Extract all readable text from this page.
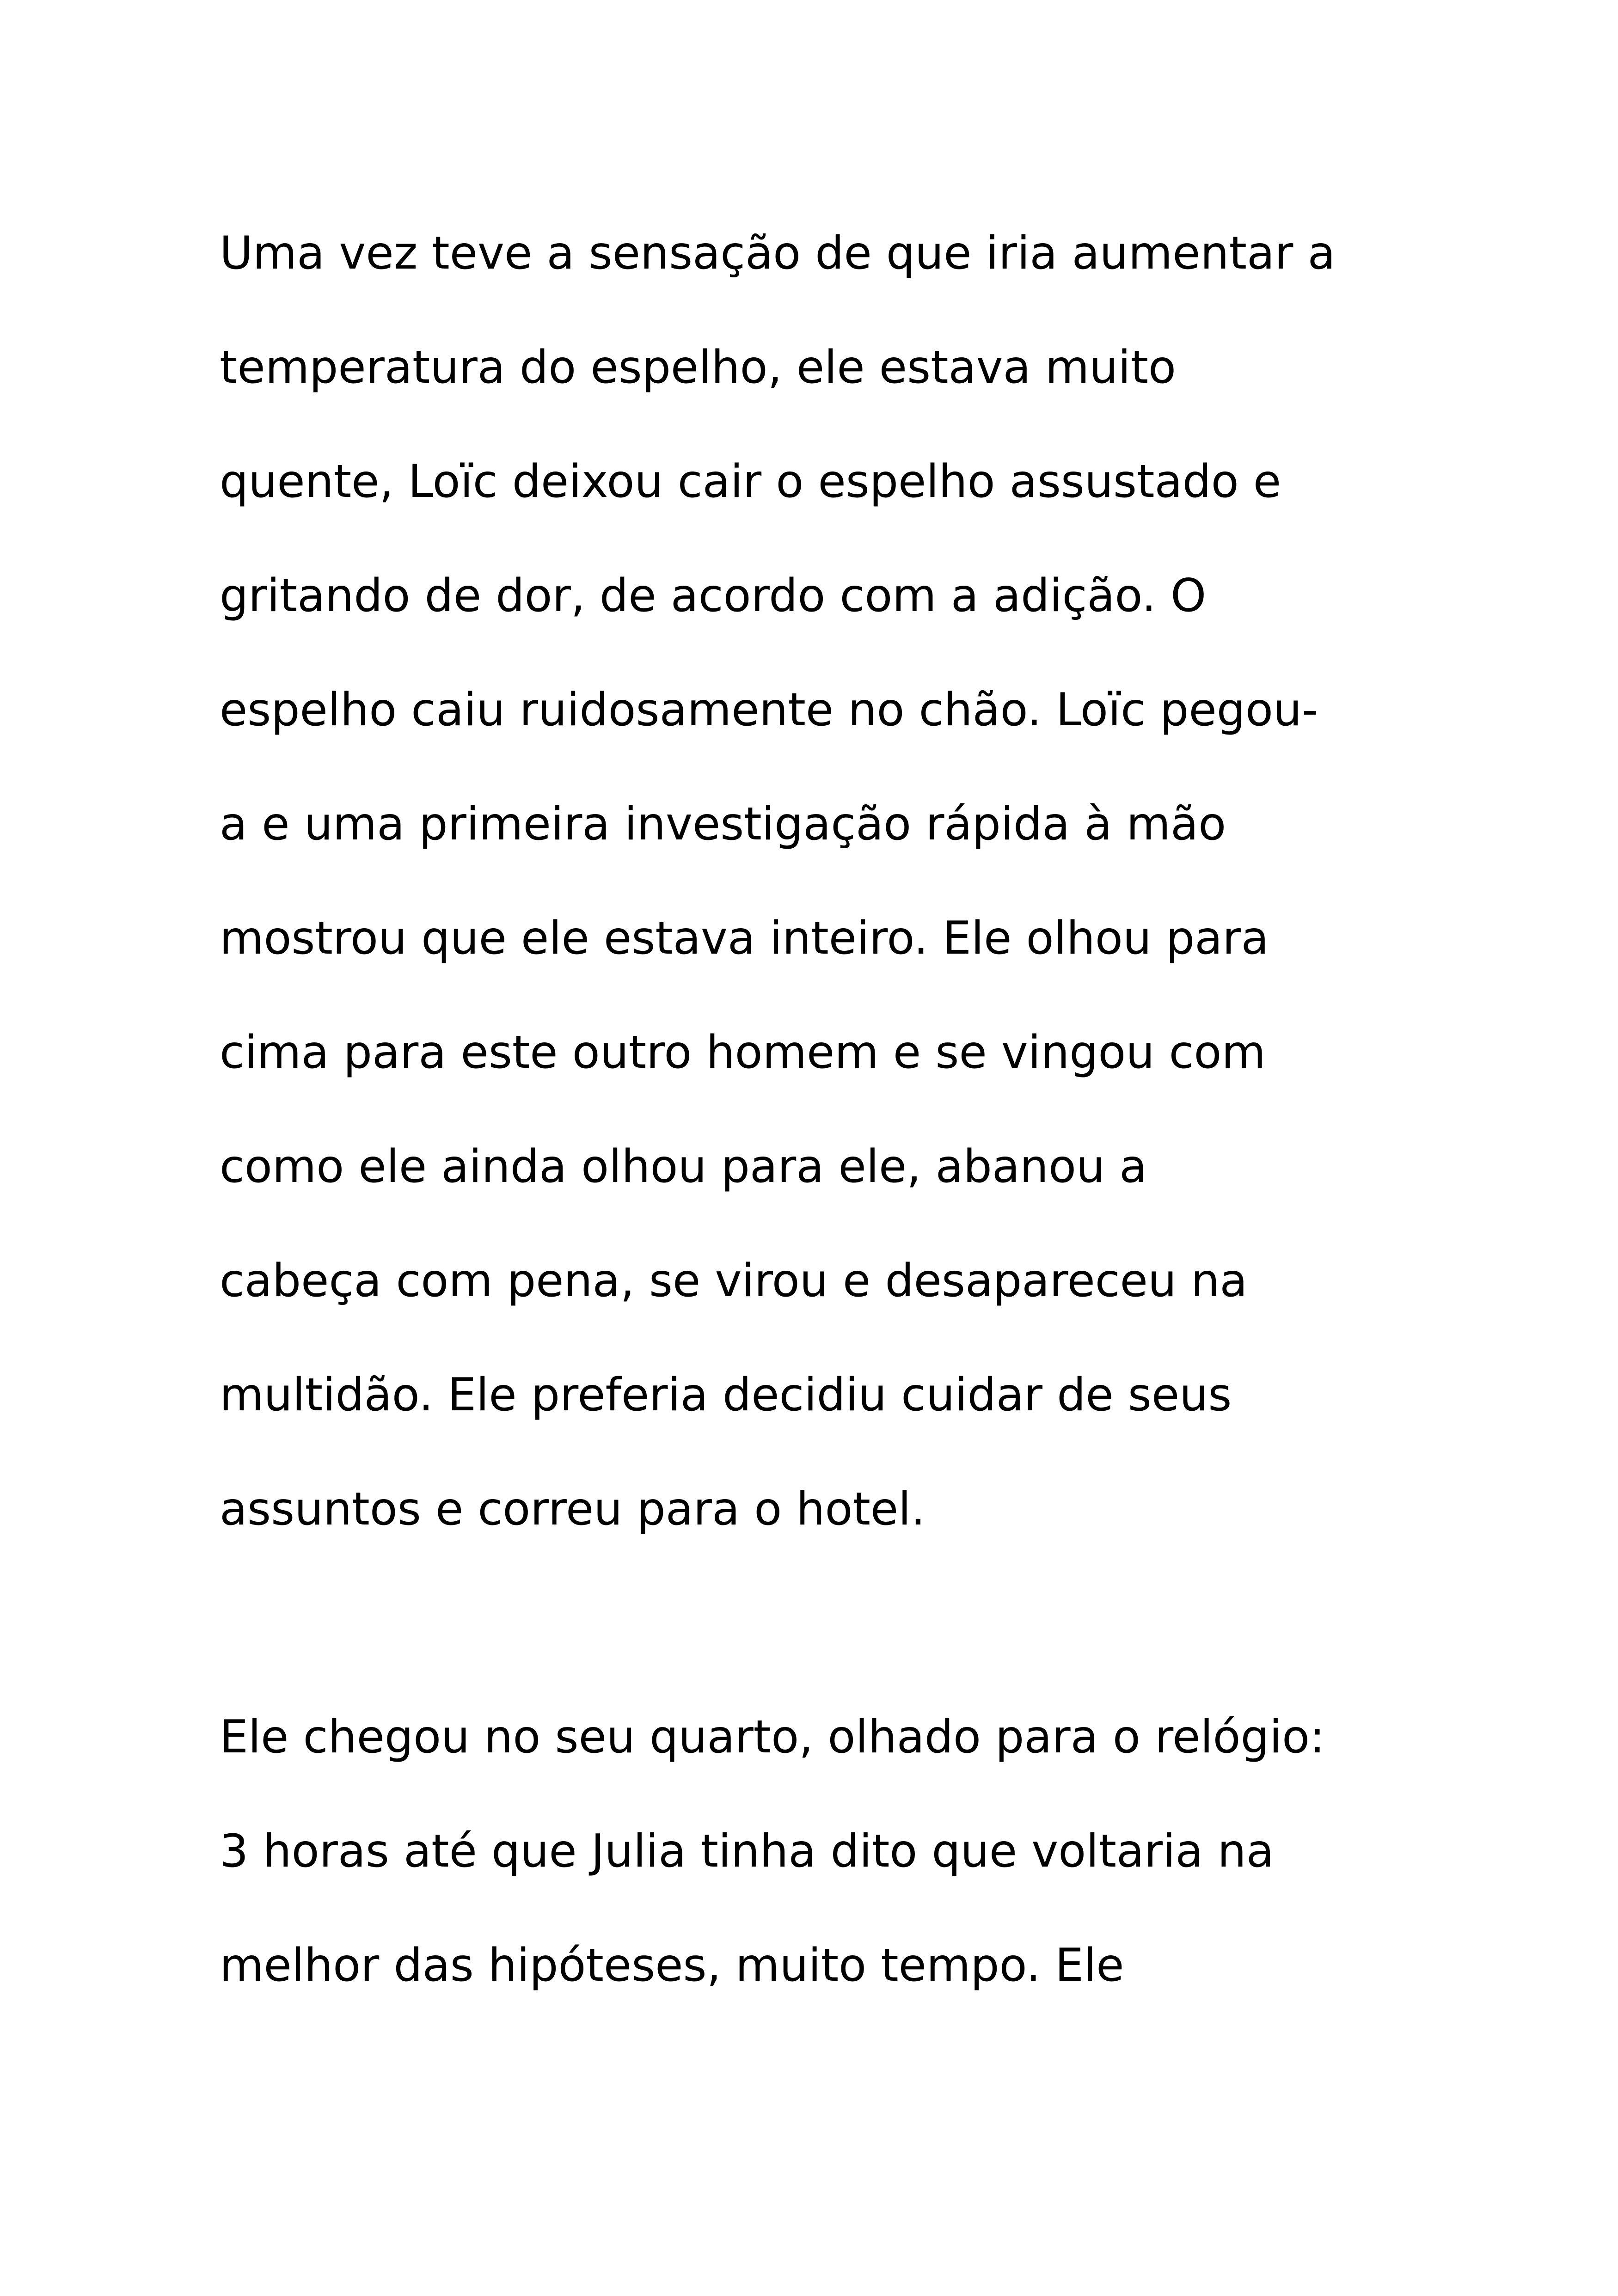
Uma vez teve a sensação de que iria aumentar a
temperatura do espelho, ele estava muito
quente, Loïc deixou cair o espelho assustado e
gritando de dor, de acordo com a adição. O
espelho caiu ruidosamente no chão. Loïc pegou-
a e uma primeira investigação rápida à mão
mostrou que ele estava inteiro. Ele olhou para
cima para este outro homem e se vingou com
como ele ainda olhou para ele, abanou a
cabeça com pena, se virou e desapareceu na
multidão. Ele preferia decidiu cuidar de seus
assuntos e correu para o hotel.
Ele chegou no seu quarto, olhado para o relógio:
3 horas até que Julia tinha dito que voltaria na
melhor das hipóteses, muito tempo. Ele
